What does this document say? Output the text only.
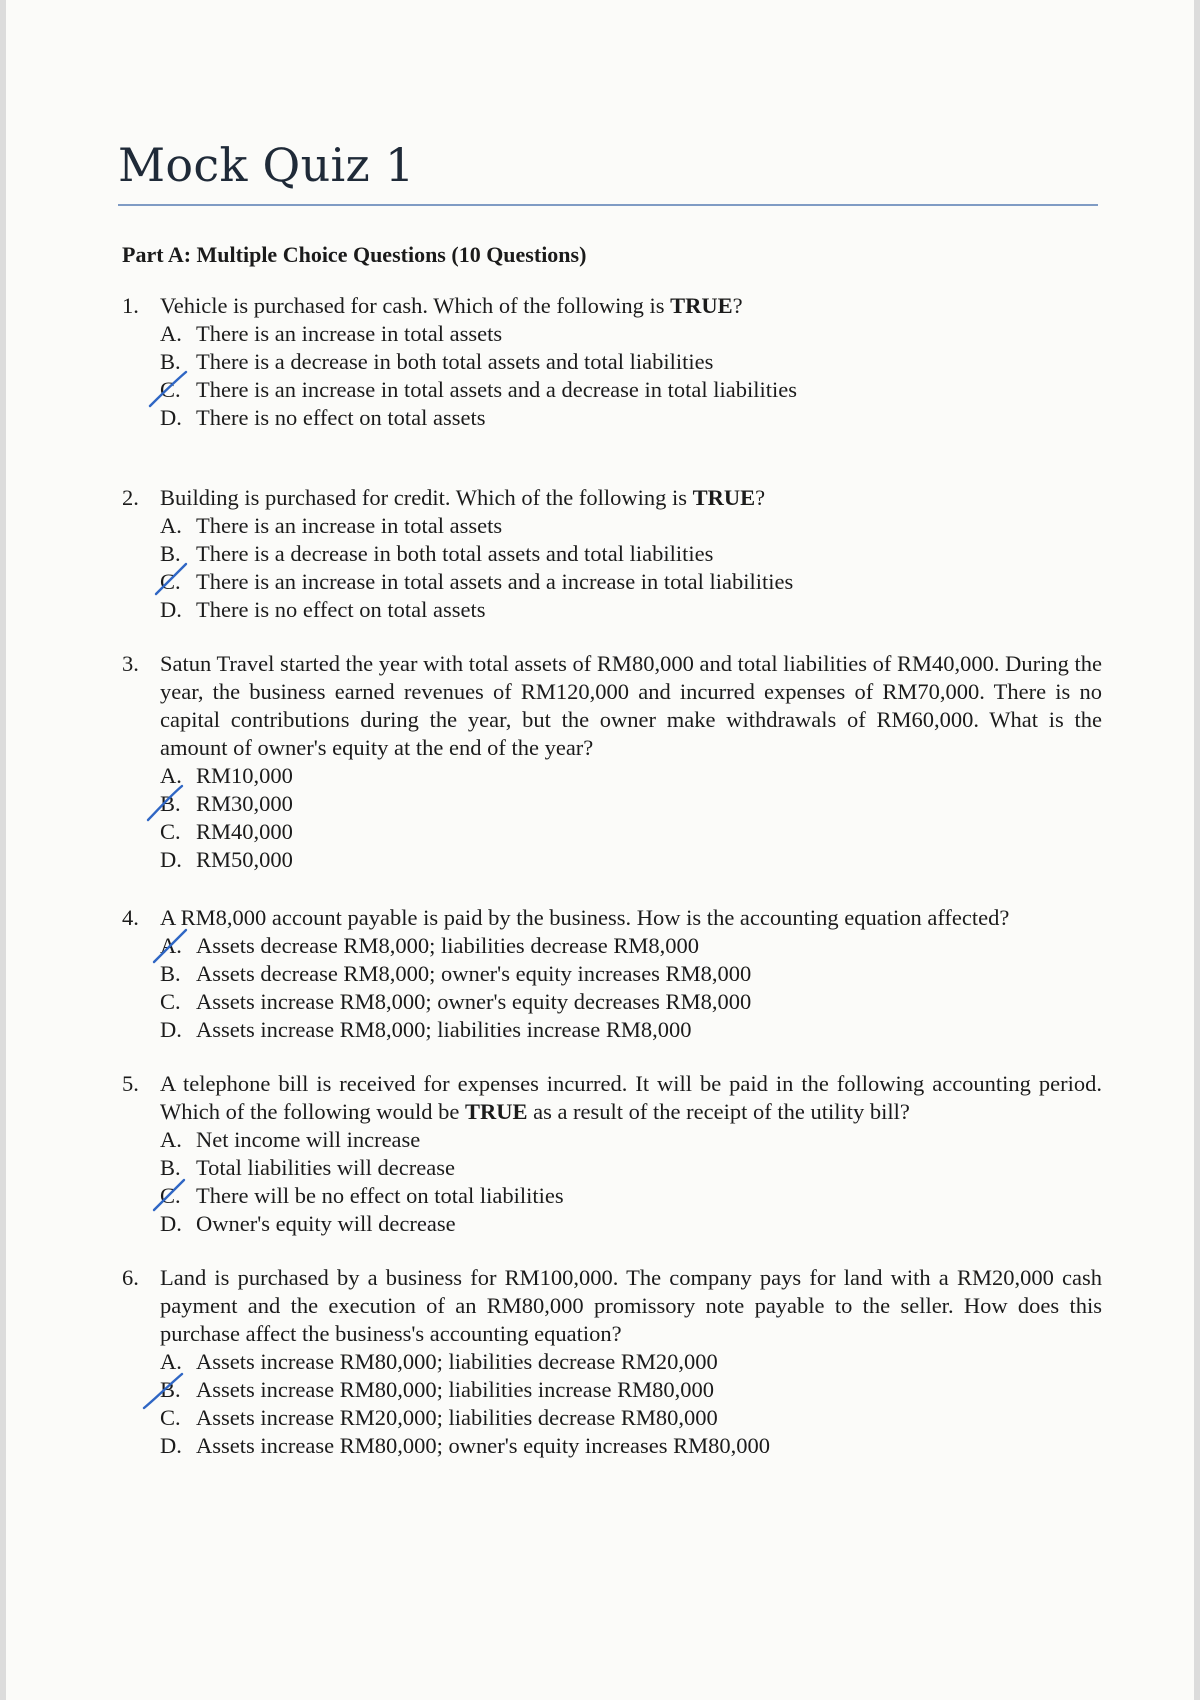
Mock Quiz 1
Part A: Multiple Choice Questions (10 Questions)
1. Vehicle is purchased for cash. Which of the following is TRUE?
A. There is an increase in total assets
B. There is a decrease in both total assets and total liabilities
C. There is an increase in total assets and a decrease in total liabilities
D. There is no effect on total assets
2. Building is purchased for credit. Which of the following is TRUE?
A. There is an increase in total assets
B. There is a decrease in both total assets and total liabilities
C. There is an increase in total assets and a increase in total liabilities
D. There is no effect on total assets
3. Satun Travel started the year with total assets of RM80,000 and total liabilities of RM40,000. During the year, the business earned revenues of RM120,000 and incurred expenses of RM70,000. There is no capital contributions during the year, but the owner make withdrawals of RM60,000. What is the amount of owner's equity at the end of the year?
A. RM10,000
B. RM30,000
C. RM40,000
D. RM50,000
4. A RM8,000 account payable is paid by the business. How is the accounting equation affected?
A. Assets decrease RM8,000; liabilities decrease RM8,000
B. Assets decrease RM8,000; owner's equity increases RM8,000
C. Assets increase RM8,000; owner's equity decreases RM8,000
D. Assets increase RM8,000; liabilities increase RM8,000
5. A telephone bill is received for expenses incurred. It will be paid in the following accounting period. Which of the following would be TRUE as a result of the receipt of the utility bill?
A. Net income will increase
B. Total liabilities will decrease
C. There will be no effect on total liabilities
D. Owner's equity will decrease
6. Land is purchased by a business for RM100,000. The company pays for land with a RM20,000 cash payment and the execution of an RM80,000 promissory note payable to the seller. How does this purchase affect the business's accounting equation?
A. Assets increase RM80,000; liabilities decrease RM20,000
B. Assets increase RM80,000; liabilities increase RM80,000
C. Assets increase RM20,000; liabilities decrease RM80,000
D. Assets increase RM80,000; owner's equity increases RM80,000
